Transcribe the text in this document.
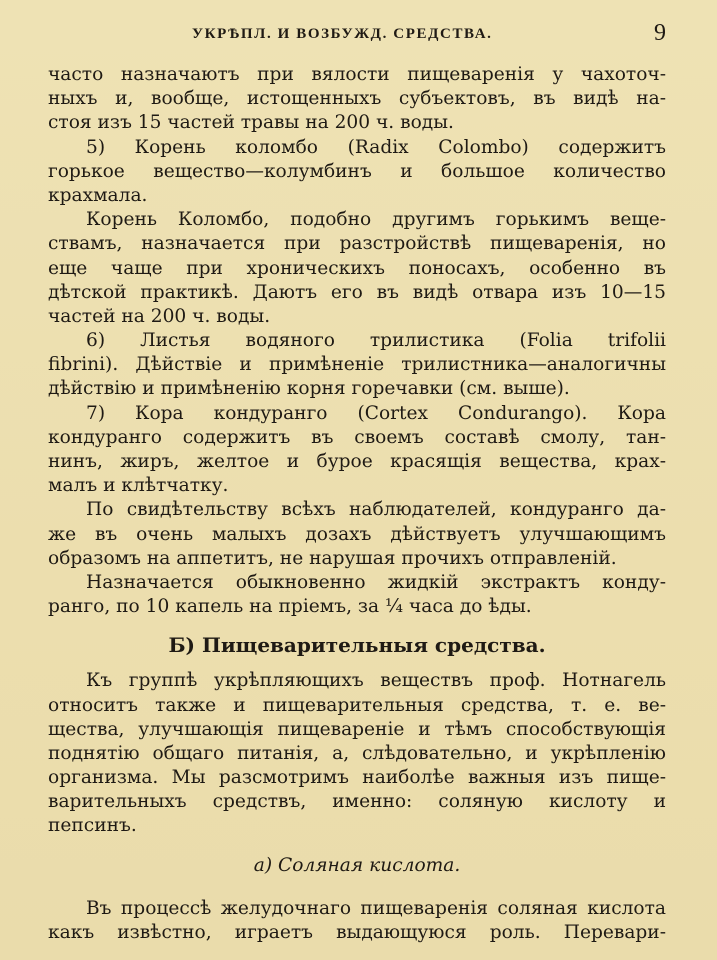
УКРѢПЛ. И ВОЗБУЖД. СРЕДСТВА.	9
часто назначаютъ при вялости пищеваренія у чахоточ-
ныхъ и, вообще, истощенныхъ субъектовъ, въ видѣ на-
стоя изъ 15 частей травы на 200 ч. воды.
5) Корень коломбо (Radix Colombo) содержитъ
горькое вещество—колумбинъ и большое количество
крахмала.
Корень Коломбо, подобно другимъ горькимъ веще-
ствамъ, назначается при разстройствѣ пищеваренія, но
еще чаще при хроническихъ поносахъ, особенно въ
дѣтской практикѣ. Даютъ его въ видѣ отвара изъ 10—15
частей на 200 ч. воды.
6) Листья водяного трилистика (Folia trifolii
fibrini). Дѣйствіе и примѣненіе трилистника—аналогичны
дѣйствію и примѣненію корня горечавки (см. выше).
7) Кора кондуранго (Cortex Condurango). Кора
кондуранго содержитъ въ своемъ составѣ смолу, тан-
нинъ, жиръ, желтое и бурое красящія вещества, крах-
малъ и клѣтчатку.
По свидѣтельству всѣхъ наблюдателей, кондуранго да-
же въ очень малыхъ дозахъ дѣйствуетъ улучшающимъ
образомъ на аппетитъ, не нарушая прочихъ отправленій.
Назначается обыкновенно жидкій экстрактъ конду-
ранго, по 10 капель на пріемъ, за ¼ часа до ѣды.
Б) Пищеварительныя средства.
Къ группѣ укрѣпляющихъ веществъ проф. Нотнагель
относитъ также и пищеварительныя средства, т. е. ве-
щества, улучшающія пищевареніе и тѣмъ способствующія
поднятію общаго питанія, а, слѣдовательно, и укрѣпленію
организма. Мы разсмотримъ наиболѣе важныя изъ пище-
варительныхъ средствъ, именно: соляную кислоту и
пепсинъ.
а) Соляная кислота.
Въ процессѣ желудочнаго пищеваренія соляная кислота
какъ извѣстно, играетъ выдающуюся роль. Перевари-
